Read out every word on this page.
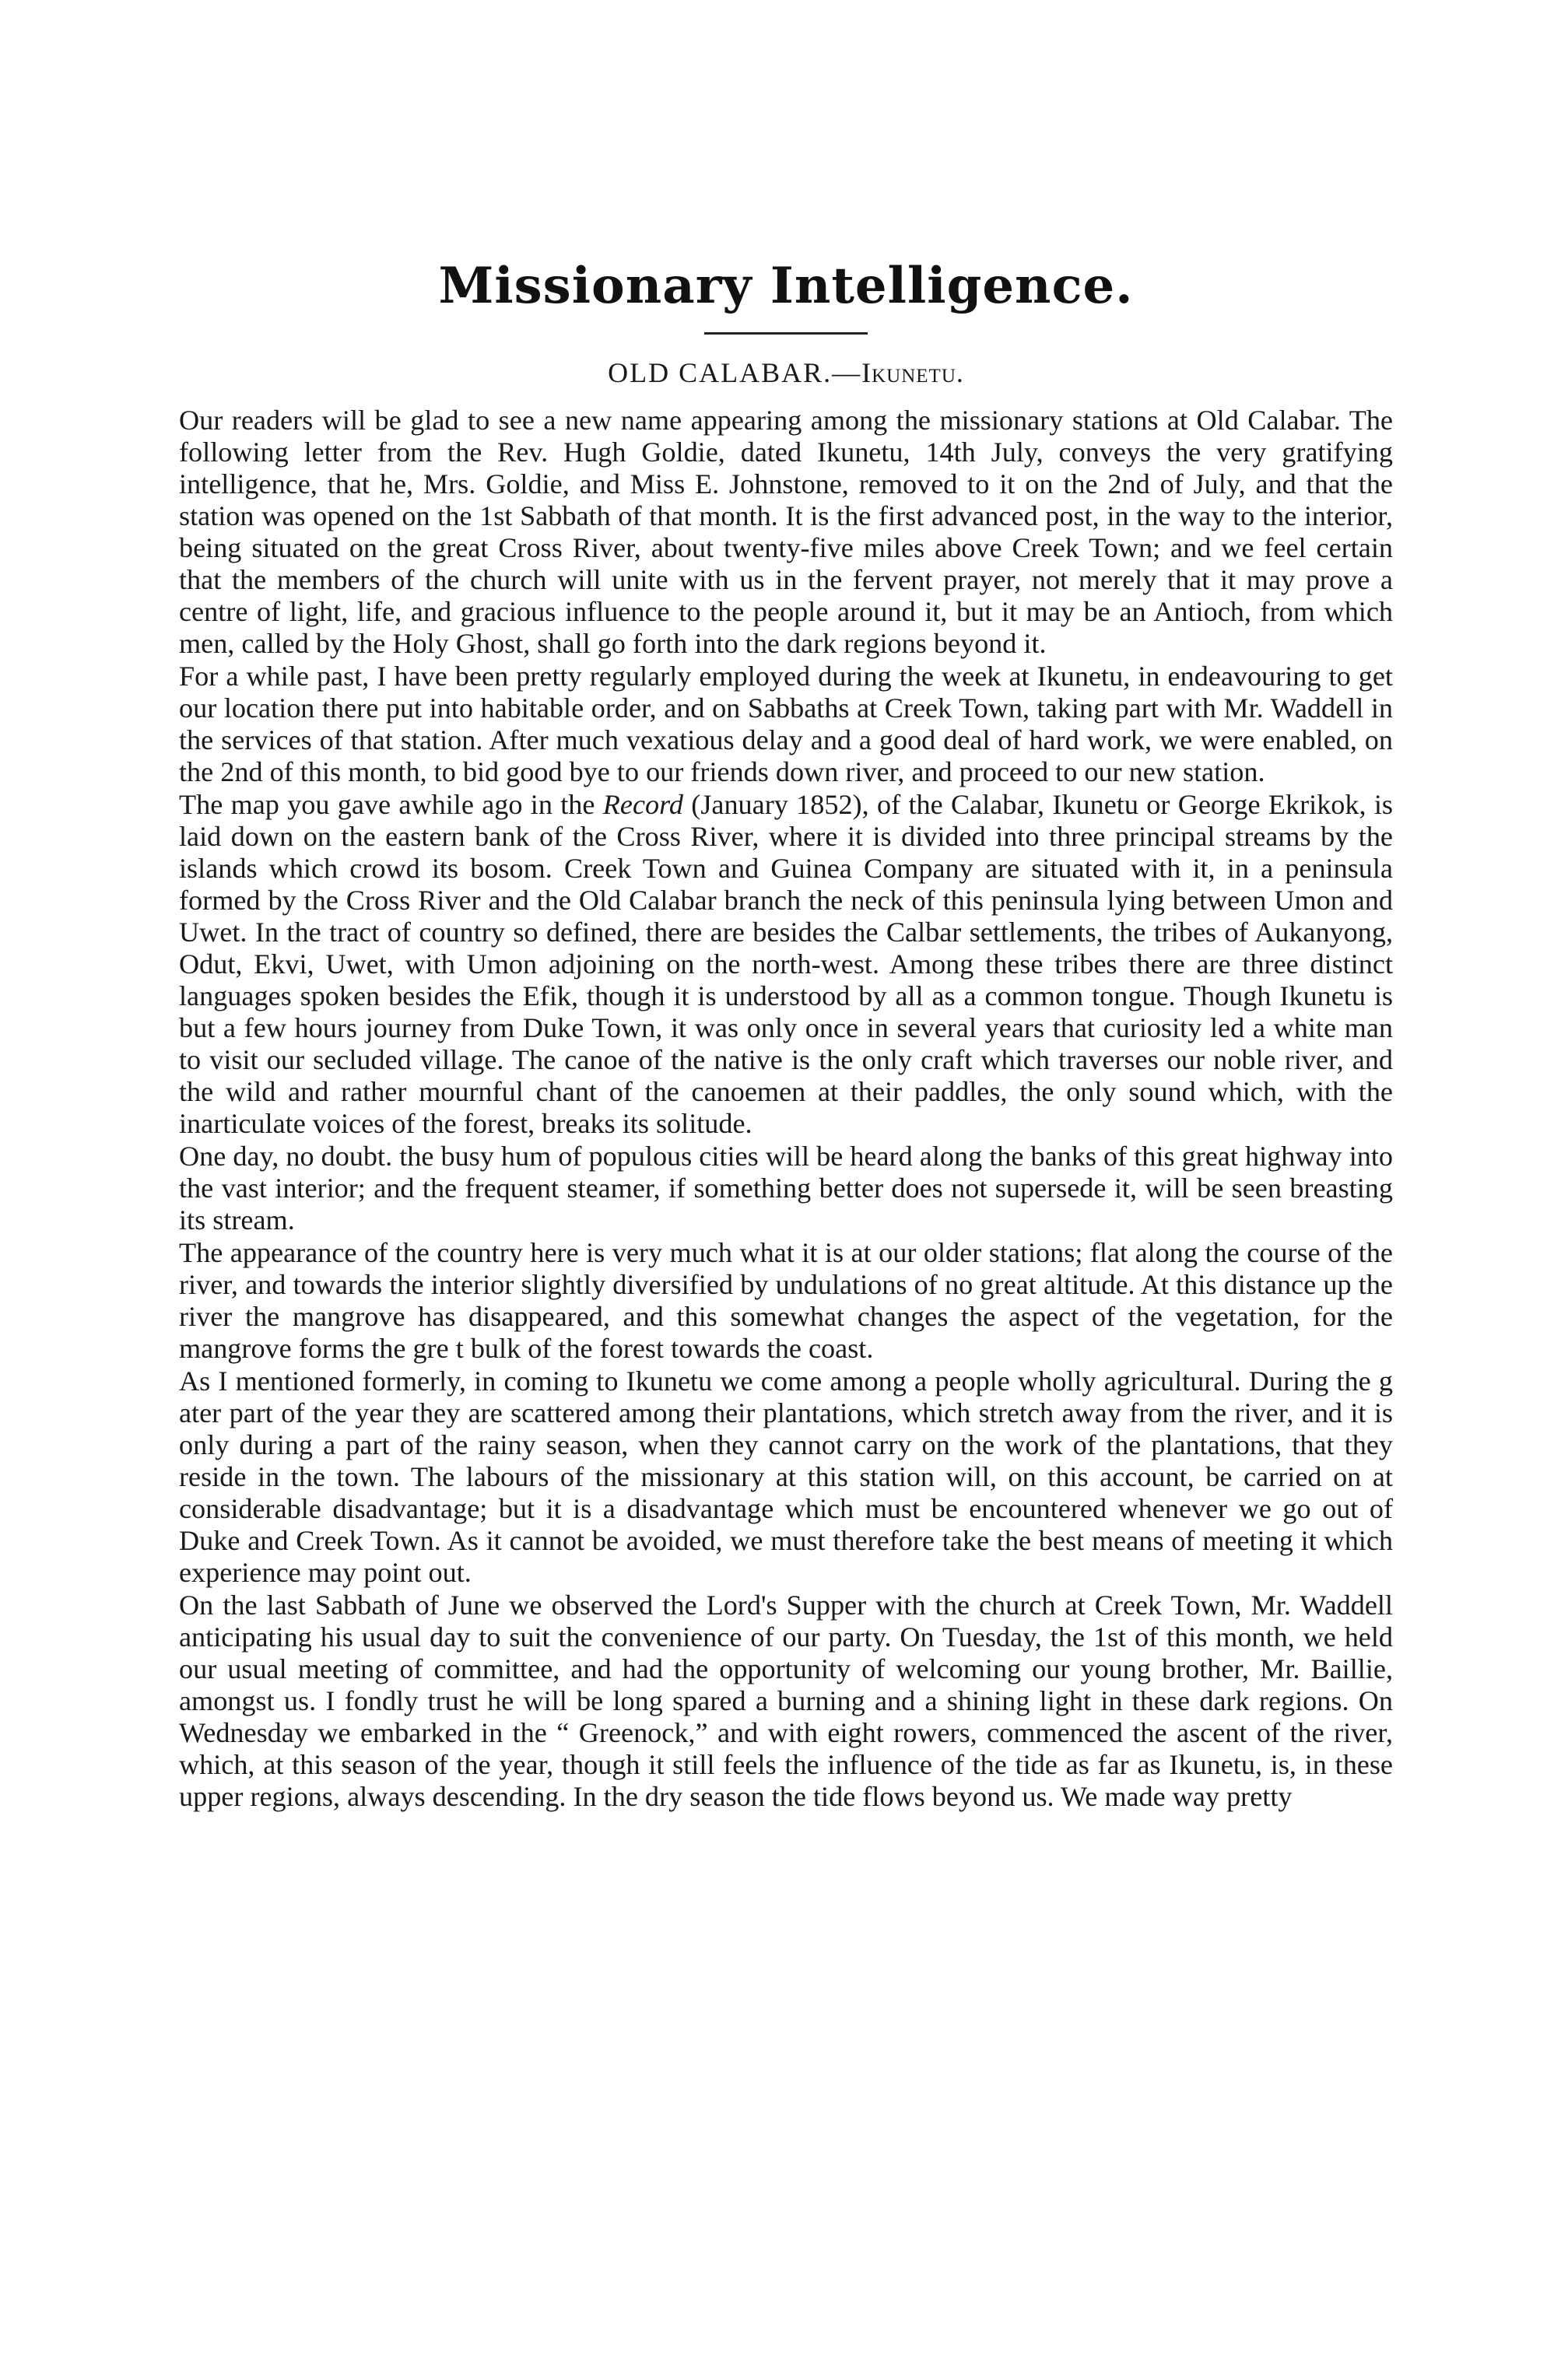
Missionary Intelligence.
OLD CALABAR.—Ikunetu.

Our readers will be glad to see a new name appearing among the missionary stations at Old Calabar. The following letter from the Rev. Hugh Goldie, dated Ikunetu, 14th July, conveys the very gratifying intelligence, that he, Mrs. Goldie, and Miss E. Johnstone, removed to it on the 2nd of July, and that the station was opened on the 1st Sabbath of that month. It is the first advanced post, in the way to the interior, being situated on the great Cross River, about twenty-five miles above Creek Town; and we feel certain that the members of the church will unite with us in the fervent prayer, not merely that it may prove a centre of light, life, and gracious influence to the people around it, but it may be an Antioch, from which men, called by the Holy Ghost, shall go forth into the dark regions beyond it.

For a while past, I have been pretty regularly employed during the week at Ikunetu, in endeavouring to get our location there put into habitable order, and on Sabbaths at Creek Town, taking part with Mr. Waddell in the services of that station. After much vexatious delay and a good deal of hard work, we were enabled, on the 2nd of this month, to bid good bye to our friends down river, and proceed to our new station.

The map you gave awhile ago in the Record (January 1852), of the Calabar, Ikunetu or George Ekrikok, is laid down on the eastern bank of the Cross River, where it is divided into three principal streams by the islands which crowd its bosom. Creek Town and Guinea Company are situated with it, in a peninsula formed by the Cross River and the Old Calabar branch the neck of this peninsula lying between Umon and Uwet. In the tract of country so defined, there are besides the Calbar settlements, the tribes of Aukanyong, Odut, Ekvi, Uwet, with Umon adjoining on the north-west. Among these tribes there are three distinct languages spoken besides the Efik, though it is understood by all as a common tongue. Though Ikunetu is but a few hours journey from Duke Town, it was only once in several years that curiosity led a white man to visit our secluded village. The canoe of the native is the only craft which traverses our noble river, and the wild and rather mournful chant of the canoemen at their paddles, the only sound which, with the inarticulate voices of the forest, breaks its solitude.

One day, no doubt. the busy hum of populous cities will be heard along the banks of this great highway into the vast interior; and the frequent steamer, if something better does not supersede it, will be seen breasting its stream.

The appearance of the country here is very much what it is at our older stations; flat along the course of the river, and towards the interior slightly diversified by undulations of no great altitude. At this distance up the river the mangrove has disappeared, and this somewhat changes the aspect of the vegetation, for the mangrove forms the gre t bulk of the forest towards the coast.

As I mentioned formerly, in coming to Ikunetu we come among a people wholly agricultural. During the g ater part of the year they are scattered among their plantations, which stretch away from the river, and it is only during a part of the rainy season, when they cannot carry on the work of the plantations, that they reside in the town. The labours of the missionary at this station will, on this account, be carried on at considerable disadvantage; but it is a disadvantage which must be encountered whenever we go out of Duke and Creek Town. As it cannot be avoided, we must therefore take the best means of meeting it which experience may point out.

On the last Sabbath of June we observed the Lord's Supper with the church at Creek Town, Mr. Waddell anticipating his usual day to suit the convenience of our party. On Tuesday, the 1st of this month, we held our usual meeting of committee, and had the opportunity of welcoming our young brother, Mr. Baillie, amongst us. I fondly trust he will be long spared a burning and a shining light in these dark regions. On Wednesday we embarked in the “ Greenock,” and with eight rowers, commenced the ascent of the river, which, at this season of the year, though it still feels the influence of the tide as far as Ikunetu, is, in these upper regions, always descending. In the dry season the tide flows beyond us. We made way pretty
